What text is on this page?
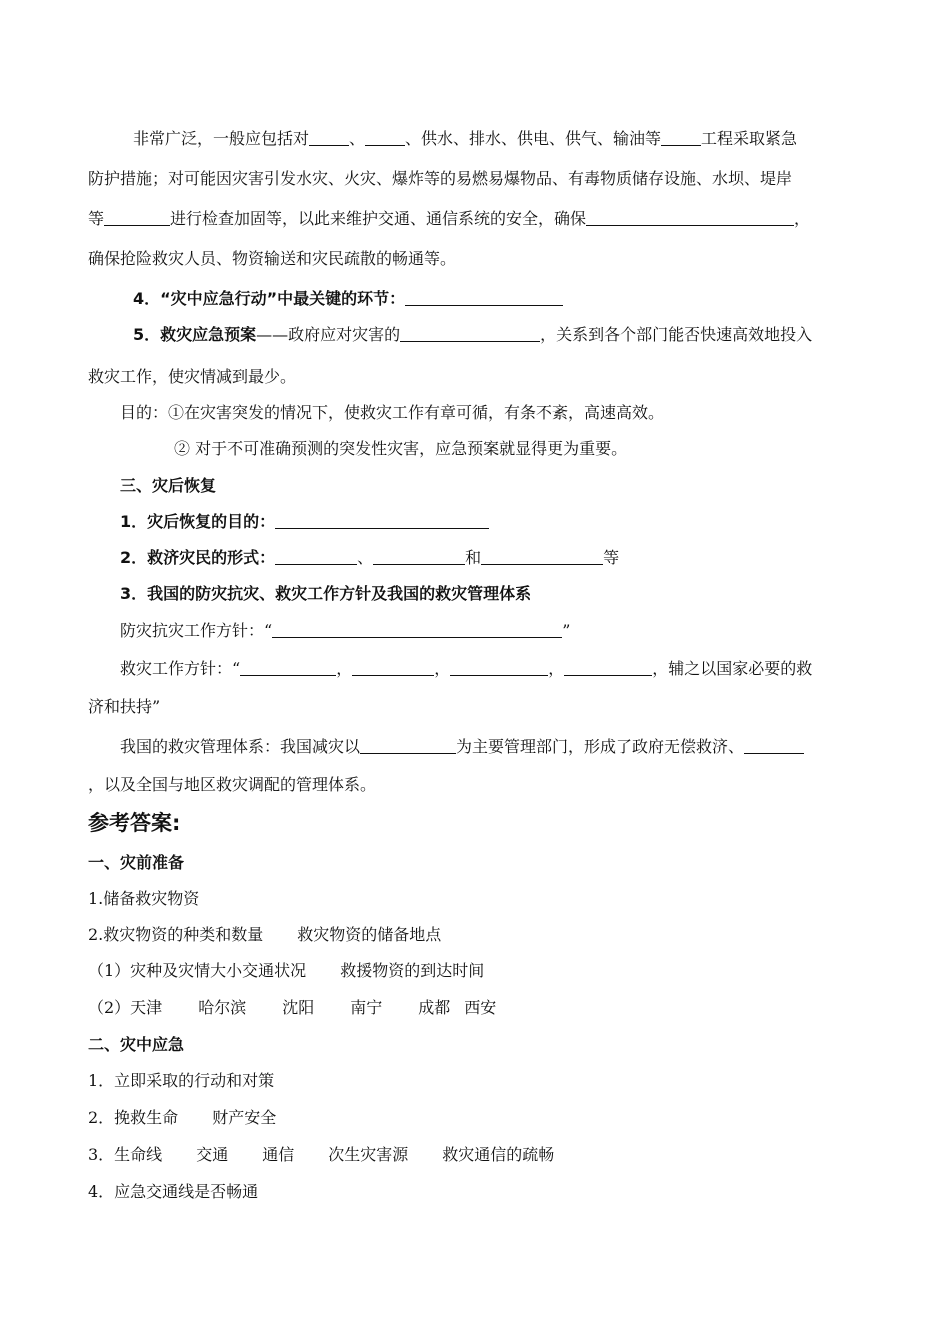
非常广泛，一般应包括对	、	、供水、排水、供电、供气、输油等	工程采取紧急
防护措施；对可能因灾害引发水灾、火灾、爆炸等的易燃易爆物品、有毒物质储存设施、水坝、堤岸
等	进行检查加固等，以此来维护交通、通信系统的安全，确保	，
确保抢险救灾人员、物资输送和灾民疏散的畅通等。
4．“灾中应急行动”中最关键的环节：
5．救灾应急预案——政府应对灾害的	，关系到各个部门能否快速高效地投入
救灾工作，使灾情减到最少。
目的：①在灾害突发的情况下，使救灾工作有章可循，有条不紊，高速高效。
② 对于不可准确预测的突发性灾害，应急预案就显得更为重要。
三、灾后恢复
1．灾后恢复的目的：
2．救济灾民的形式：	、	和	等
3．我国的防灾抗灾、救灾工作方针及我国的救灾管理体系
防灾抗灾工作方针：“	”
救灾工作方针：“	，	，	，	，辅之以国家必要的救
济和扶持”
我国的救灾管理体系：我国减灾以	为主要管理部门，形成了政府无偿救济、
，以及全国与地区救灾调配的管理体系。
参考答案:
一、灾前准备
1.储备救灾物资
2.救灾物资的种类和数量 救灾物资的储备地点
（1）灾种及灾情大小交通状况 救援物资的到达时间
（2）天津 哈尔滨 沈阳 南宁 成都 西安
二、灾中应急
1．立即采取的行动和对策
2．挽救生命 财产安全
3．生命线 交通 通信 次生灾害源 救灾通信的疏畅
4．应急交通线是否畅通
